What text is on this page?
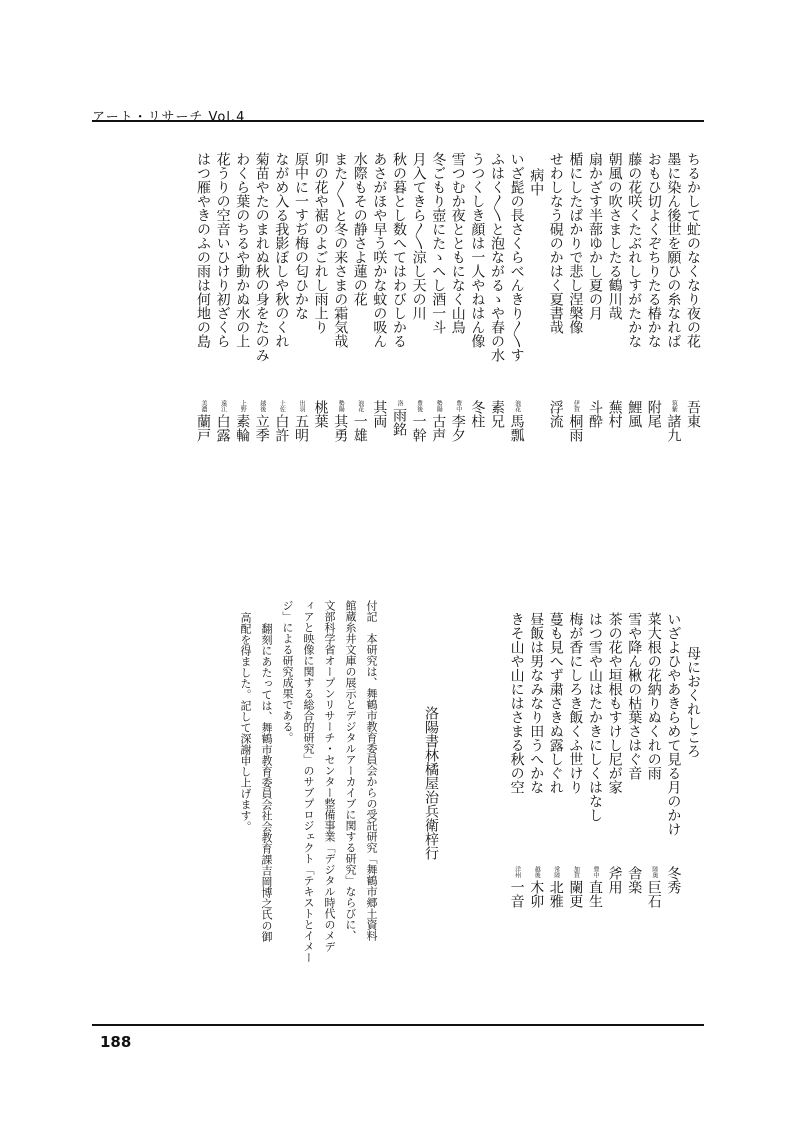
アート・リサーチ Vol.4
ちるかして虻のなくなり夜の花
吾東
墨に染ん後世を願ひの糸なれば
筑紫諸九
おもひ切よくぞちりたる椿かな
附尾
藤の花咲くたぶれしすがたかな
鯉風
朝風の吹さましたる鶴川哉
蕪村
扇かざす半蔀ゆかし夏の月
斗酔
楯にしたばかりで悲し涅槃像
伊賀桐雨
せわしなう硯のかはく夏書哉
浮流
病中
いざ髭の長さくらべんきり〳〵す
浪花馬瓢
ふはく〳〵と泡ながるゝや春の水
素兄
うつくしき顔は一人やねはん像
冬柱
雪つむか夜とともになく山鳥
豊中李夕
冬ごもり壺にたゝへし酒一斗
勢陽古声
月入てきら〳〵涼し天の川
豊後一幹
秋の暮とし数へてはわびしかる
洛雨銘
あさがほや早う咲かな蚊の吸ん
其両
水際もその静さよ蓮の花
浪花一雄
また〳〵と冬の来さまの霜気哉
勢陽其勇
卯の花や裾のよごれし雨上り
桃葉
原中に一すぢ梅の匂ひかな
出羽五明
ながめ入る我影ぼしや秋のくれ
土佐白許
菊苗やたのまれぬ秋の身をたのみ
越後立季
わくら葉のちるや動かぬ水の上
上野素輪
花うりの空音いひけり初ざくら
遠江白露
はつ雁やきのふの雨は何地の島
美濃蘭戸
母におくれしころ
いざよひやあきらめて見る月のかけ
冬秀
菜大根の花納りぬくれの雨
陸奥巨石
雪や降ん楸の枯葉さはぐ音
舎楽
茶の花や垣根もすけし尼が家
斧用
はつ雪や山はたかきにしくはなし
豊中直生
梅が香にしろき飯くふ世けり
加賀闌更
蔓も見へず粛さきぬ露しぐれ
常陸北雅
昼飯は男なみなり田うへかな
越後木卯
きそ山や山にはさまる秋の空
洋州一音
洛陽書林橘屋治兵衛梓行
付記　本研究は、舞鶴市教育委員会からの受託研究「舞鶴市郷土資料
館蔵糸井文庫の展示とデジタルアーカイブに関する研究」ならびに、
文部科学省オープンリサーチ・センター整備事業「デジタル時代のメデ
ィアと映像に関する総合的研究」のサブプロジェクト「テキストとイメー
ジ」による研究成果である。
　翻刻にあたっては、舞鶴市教育委員会社会教育課吉岡博之氏の御
高配を得ました。記して深謝申し上げます。
188
